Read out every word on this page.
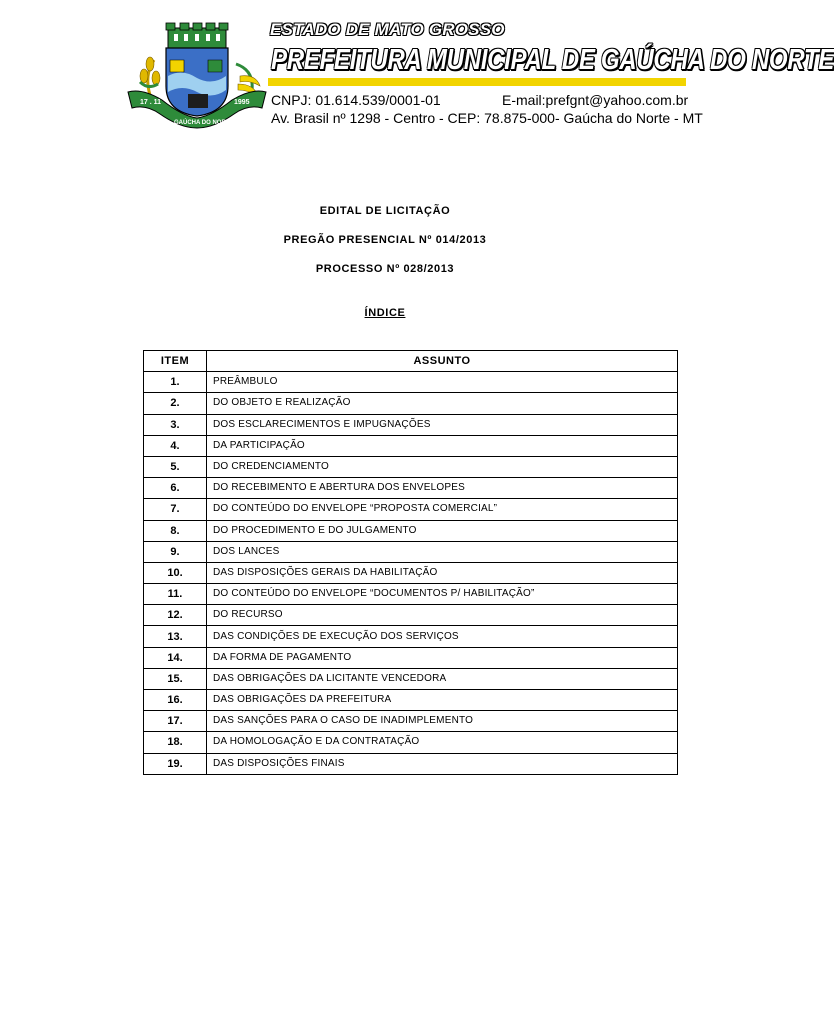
17 . 11	1995
GAÚCHA DO NORTE
ESTADO DE MATO GROSSO
PREFEITURA MUNICIPAL DE GAÚCHA DO NORTE
CNPJ: 01.614.539/0001-01	E-mail:prefgnt@yahoo.com.br
Av. Brasil nº 1298 - Centro - CEP: 78.875-000- Gaúcha do Norte - MT
EDITAL DE LICITAÇÃO
PREGÃO PRESENCIAL Nº 014/2013
PROCESSO Nº 028/2013
ÍNDICE
ITEM	ASSUNTO
1.	PREÂMBULO
2.	DO OBJETO E REALIZAÇÃO
3.	DOS ESCLARECIMENTOS E IMPUGNAÇÕES
4.	DA PARTICIPAÇÃO
5.	DO CREDENCIAMENTO
6.	DO RECEBIMENTO E ABERTURA DOS ENVELOPES
7.	DO CONTEÚDO DO ENVELOPE “PROPOSTA COMERCIAL”
8.	DO PROCEDIMENTO E DO JULGAMENTO
9.	DOS LANCES
10.	DAS DISPOSIÇÕES GERAIS DA HABILITAÇÃO
11.	DO CONTEÚDO DO ENVELOPE “DOCUMENTOS P/ HABILITAÇÃO”
12.	DO RECURSO
13.	DAS CONDIÇÕES DE EXECUÇÃO DOS SERVIÇOS
14.	DA FORMA DE PAGAMENTO
15.	DAS OBRIGAÇÕES DA LICITANTE VENCEDORA
16.	DAS OBRIGAÇÕES DA PREFEITURA
17.	DAS SANÇÕES PARA O CASO DE INADIMPLEMENTO
18.	DA HOMOLOGAÇÃO E DA CONTRATAÇÃO
19.	DAS DISPOSIÇÕES FINAIS
